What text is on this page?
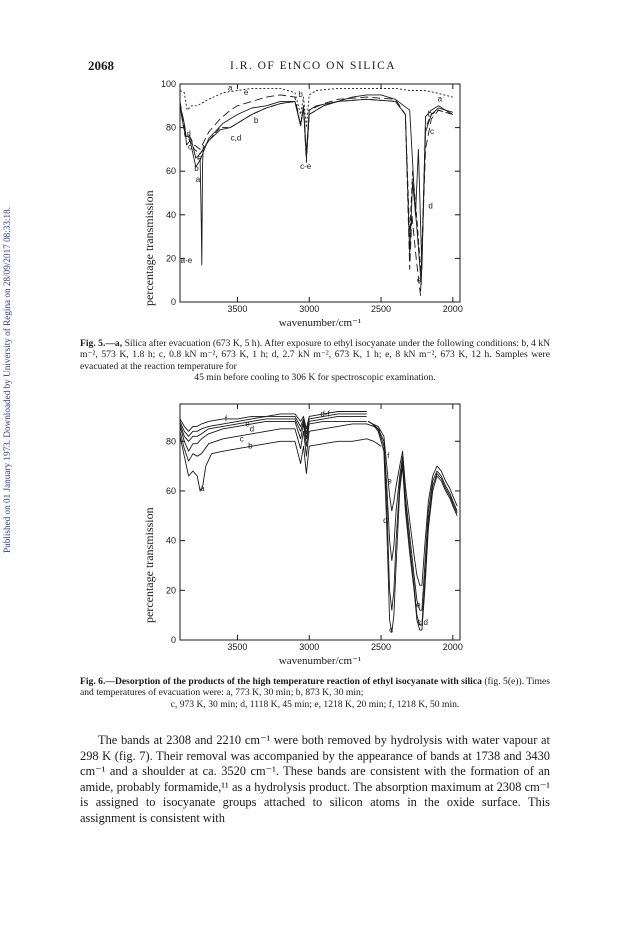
Published on 01 January 1973. Downloaded by University of Regina on 28/09/2017 08:33:18.
2068	I.R. OF EtNCO ON SILICA
percentage transmission 0
20
40
60
80
100
3500	3000	2500	2000
wavenumber/cm⁻¹
a e
b
c,d
d
c
e
b
a
a-e
c-e
b	a
b
c
d
e
Fig. 5.—a, Silica after evacuation (673 K, 5 h). After exposure to ethyl isocyanate under the following conditions: b, 4 kN m⁻², 573 K, 1.8 h; c, 0.8 kN m⁻², 673 K, 1 h; d, 2.7 kN m⁻², 673 K, 1 h; e, 8 kN m⁻², 673 K, 12 h. Samples were evacuated at the reaction temperature for
45 min before cooling to 306 K for spectroscopic examination.
percentage transmission
0
20
40
60
80
3500	3000	2500	2000
wavenumber/cm⁻¹
f
e
d
c
b
d-f
a
f
e
d
c
e
c,d
Fig. 6.—Desorption of the products of the high temperature reaction of ethyl isocyanate with silica (fig. 5(e)). Times and temperatures of evacuation were: a, 773 K, 30 min; b, 873 K, 30 min;
c, 973 K, 30 min; d, 1118 K, 45 min; e, 1218 K, 20 min; f, 1218 K, 50 min.
The bands at 2308 and 2210 cm⁻¹ were both removed by hydrolysis with water vapour at 298 K (fig. 7). Their removal was accompanied by the appearance of bands at 1738 and 3430 cm⁻¹ and a shoulder at ca. 3520 cm⁻¹. These bands are consistent with the formation of an amide, probably formamide,¹¹ as a hydrolysis product. The absorption maximum at 2308 cm⁻¹ is assigned to isocyanate groups attached to silicon atoms in the oxide surface. This assignment is consistent with
